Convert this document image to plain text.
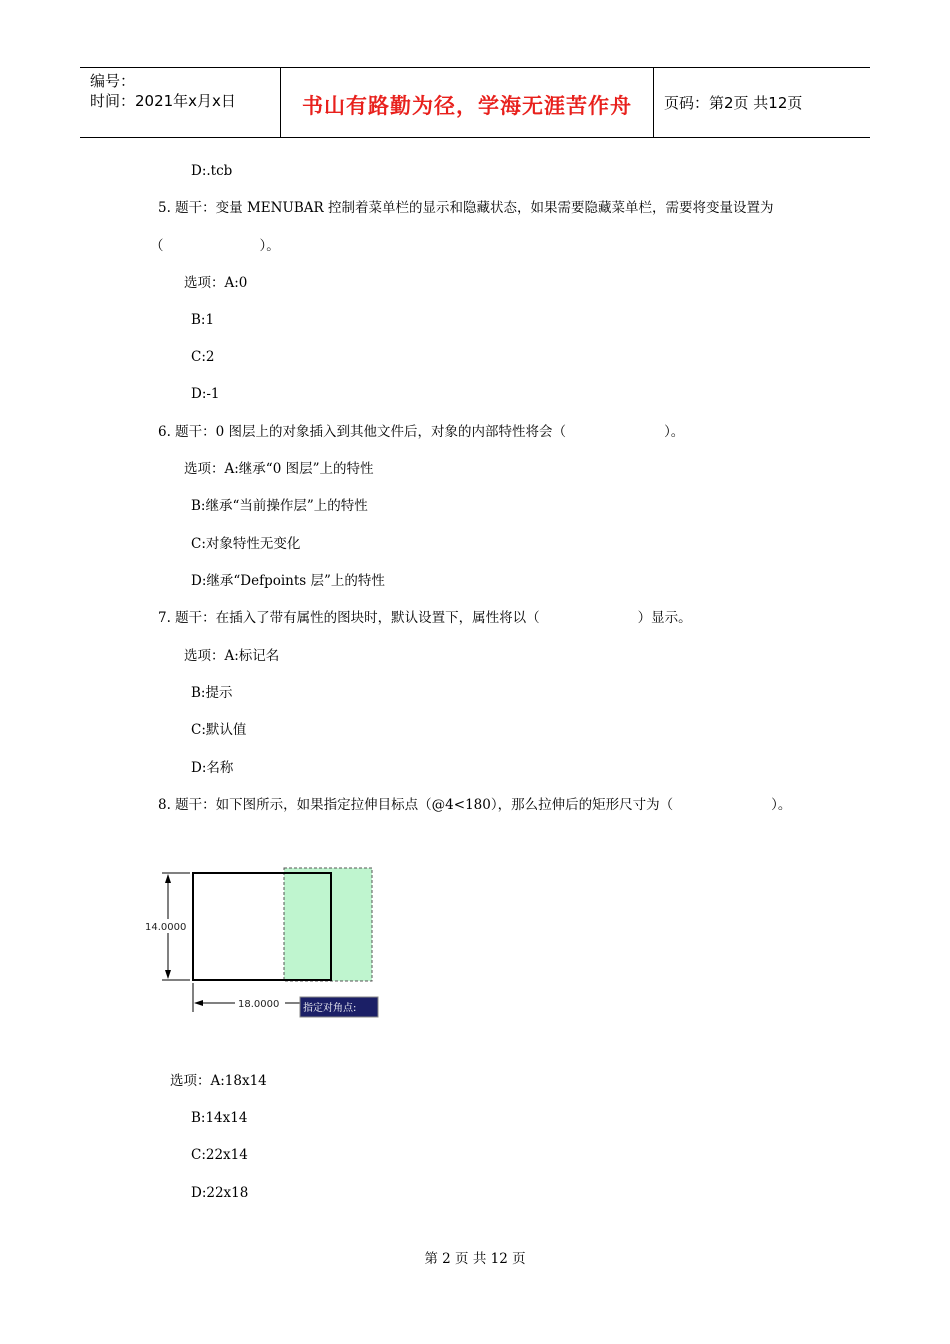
编号：
时间：2021年x月x日	书山有路勤为径，学海无涯苦作舟 页码：第2页 共12页
D:.tcb
5. 题干：变量 MENUBAR 控制着菜单栏的显示和隐藏状态，如果需要隐藏菜单栏，需要将变量设置为
（	）。
选项：A:0
B:1
C:2
D:-1
6. 题干：0 图层上的对象插入到其他文件后，对象的内部特性将会（	）。
选项：A:继承“0 图层”上的特性
B:继承“当前操作层”上的特性
C:对象特性无变化
D:继承“Defpoints 层”上的特性
7. 题干：在插入了带有属性的图块时，默认设置下，属性将以（	）显示。
选项：A:标记名
B:提示
C:默认值
D:名称
8. 题干：如下图所示，如果指定拉伸目标点（@4<180），那么拉伸后的矩形尺寸为（	）。
14.0000
18.0000 指定对角点:
选项：A:18x14
B:14x14
C:22x14
D:22x18
第 2 页 共 12 页
